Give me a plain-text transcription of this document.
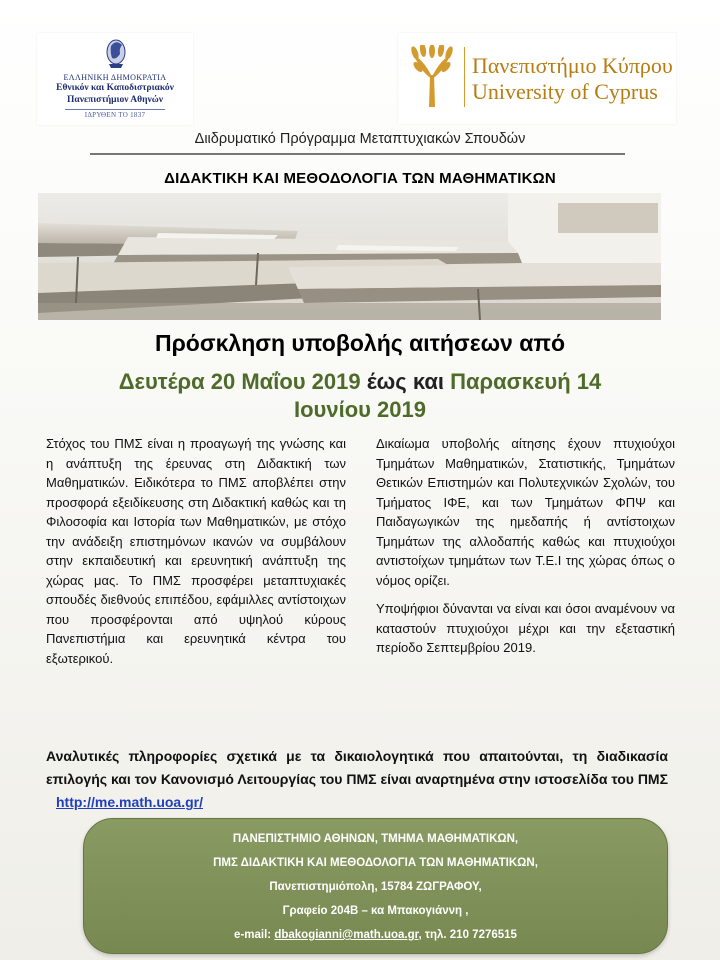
ΕΛΛΗΝΙΚΗ ΔΗΜΟΚΡΑΤΙΑ
Εθνικόν και Καποδιστριακόν
Πανεπιστήμιον Αθηνών
ΙΔΡΥΘΕΝ ΤΟ 1837
Πανεπιστήμιο Κύπρου
University of Cyprus
Διιδρυματικό Πρόγραμμα Μεταπτυχιακών Σπουδών
ΔΙΔΑΚΤΙΚΗ ΚΑΙ ΜΕΘΟΔΟΛΟΓΙΑ ΤΩΝ ΜΑΘΗΜΑΤΙΚΩΝ
Πρόσκληση υποβολής αιτήσεων από
Δευτέρα 20 Μαΐου 2019 έως και Παρασκευή 14
Ιουνίου 2019

Στόχος του ΠΜΣ είναι η προαγωγή της γνώσης και η ανάπτυξη της έρευνας στη Διδακτική των Μαθηματικών. Ειδικότερα το ΠΜΣ αποβλέπει στην προσφορά εξειδίκευσης στη Διδακτική καθώς και τη Φιλοσοφία και Ιστορία των Μαθηματικών, με στόχο την ανάδειξη επιστημόνων ικανών να συμβάλουν στην εκπαιδευτική και ερευνητική ανάπτυξη της χώρας μας. Το ΠΜΣ προσφέρει μεταπτυχιακές σπουδές διεθνούς επιπέδου, εφάμιλλες αντίστοιχων που προσφέρονται από υψηλού κύρους Πανεπιστήμια και ερευνητικά κέντρα του εξωτερικού.

Δικαίωμα υποβολής αίτησης έχουν πτυχιούχοι Τμημάτων Μαθηματικών, Στατιστικής, Τμημάτων Θετικών Επιστημών και Πολυτεχνικών Σχολών, του Τμήματος ΙΦΕ, και των Τμημάτων ΦΠΨ και Παιδαγωγικών της ημεδαπής ή αντίστοιχων Τμημάτων της αλλοδαπής καθώς και πτυχιούχοι αντιστοίχων τμημάτων των Τ.Ε.Ι της χώρας όπως ο νόμος ορίζει.

Υποψήφιοι δύνανται να είναι και όσοι αναμένουν να καταστούν πτυχιούχοι μέχρι και την εξεταστική περίοδο Σεπτεμβρίου 2019.

Αναλυτικές πληροφορίες σχετικά με τα δικαιολογητικά που απαιτούνται, τη διαδικασία επιλογής και τον Κανονισμό Λειτουργίας του ΠΜΣ είναι αναρτημένα στην ιστοσελίδα του ΠΜΣ http://me.math.uoa.gr/
ΠΑΝΕΠΙΣΤΗΜΙΟ ΑΘΗΝΩΝ, ΤΜΗΜΑ ΜΑΘΗΜΑΤΙΚΩΝ,
ΠΜΣ ΔΙΔΑΚΤΙΚΗ ΚΑΙ ΜΕΘΟΔΟΛΟΓΙΑ ΤΩΝ ΜΑΘΗΜΑΤΙΚΩΝ,
Πανεπιστημιόπολη, 15784 ΖΩΓΡΑΦΟΥ,
Γραφείο 204Β – κα Μπακογιάννη ,
e-mail: dbakogianni@math.uoa.gr, τηλ. 210 7276515
